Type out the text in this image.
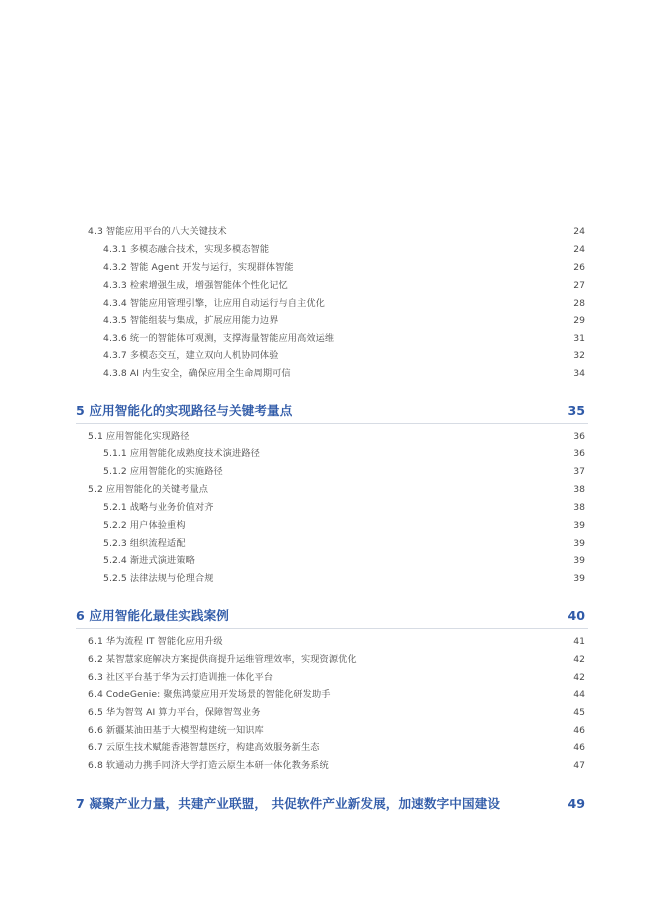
4.3 智能应用平台的八大关键技术	24
4.3.1 多模态融合技术，实现多模态智能	24
4.3.2 智能 Agent 开发与运行，实现群体智能	26
4.3.3 检索增强生成，增强智能体个性化记忆	27
4.3.4 智能应用管理引擎，让应用自动运行与自主优化	28
4.3.5 智能组装与集成，扩展应用能力边界	29
4.3.6 统一的智能体可观测，支撑海量智能应用高效运维	31
4.3.7 多模态交互，建立双向人机协同体验	32
4.3.8 AI 内生安全，确保应用全生命周期可信	34
5 应用智能化的实现路径与关键考量点	35
5.1 应用智能化实现路径	36
5.1.1 应用智能化成熟度技术演进路径	36
5.1.2 应用智能化的实施路径	37
5.2 应用智能化的关键考量点	38
5.2.1 战略与业务价值对齐	38
5.2.2 用户体验重构	39
5.2.3 组织流程适配	39
5.2.4 渐进式演进策略	39
5.2.5 法律法规与伦理合规	39
6 应用智能化最佳实践案例	40
6.1 华为流程 IT 智能化应用升级	41
6.2 某智慧家庭解决方案提供商提升运维管理效率，实现资源优化	42
6.3 社区平台基于华为云打造训推一体化平台	42
6.4 CodeGenie: 聚焦鸿蒙应用开发场景的智能化研发助手	44
6.5 华为智驾 AI 算力平台，保障智驾业务	45
6.6 新疆某油田基于大模型构建统一知识库	46
6.7 云原生技术赋能香港智慧医疗，构建高效服务新生态	46
6.8 软通动力携手同济大学打造云原生本研一体化教务系统	47
7 凝聚产业力量，共建产业联盟， 共促软件产业新发展，加速数字中国建设	49
